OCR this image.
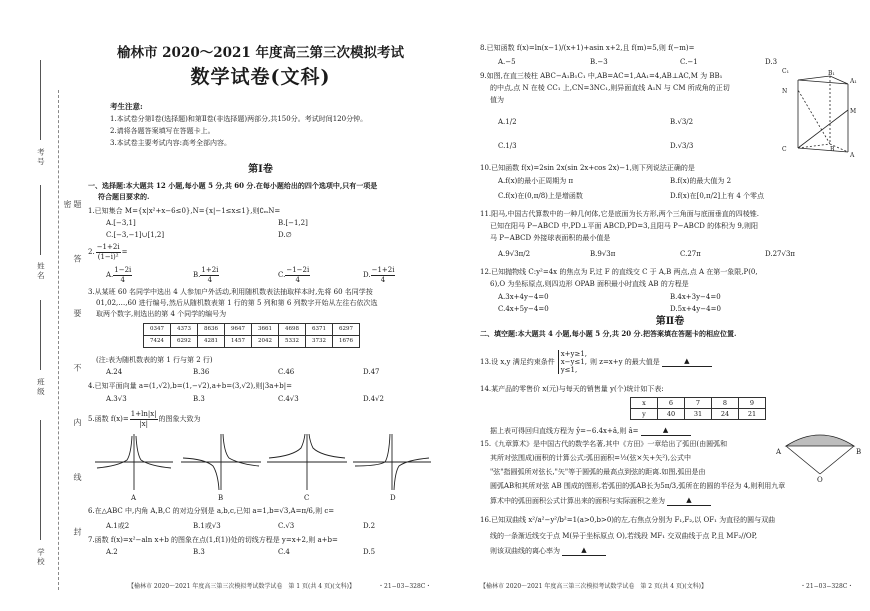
考号
姓名
班级
学校
题 答 要 不 内 线 封 密
榆林市 2020～2021 年度高三第三次模拟考试
数学试卷(文科)
考生注意:
1.本试卷分第Ⅰ卷(选择题)和第Ⅱ卷(非选择题)两部分,共150分。考试时间120分钟。
2.请将各题答案填写在答题卡上。
3.本试卷主要考试内容:高考全部内容。
第Ⅰ卷
一、选择题:本大题共 12 小题,每小题 5 分,共 60 分.在每小题给出的四个选项中,只有一项是
符合题目要求的.
1.已知集合 M={x|x²+x−6≤0},N={x|−1≤x≤1},则∁ₘN=
A.[−3,1]	B.[−1,2]
C.[−3,−1]∪[1,2]	D.∅
2. $\frac{-1+2i}{\text{(1−i)²}}$ =
A. $\frac{1-2i}{4}$	B. $\frac{1+2i}{4}$	C. $\frac{-1-2i}{4}$	D. $\frac{-1+2i}{4}$
3.从某班 60 名同学中选出 4 人参加户外活动,利用随机数表法抽取样本时,先将 60 名同学按
01,02,…,60 进行编号,然后从随机数表第 1 行的第 5 列和第 6 列数字开始从左往右依次选
取两个数字,则选出的第 4 个同学的编号为
0347	4373	8636	9647	3661	4698	6371	6297
7424	6292	4281	1457	2042	5332	3732	1676
(注:表为随机数表的第 1 行与第 2 行)
A.24	B.36	C.46	D.47
4.已知平面向量 a=(1,√2),b=(1,−√2),a+b=(3,√2),则|3a+b|=
A.3√3	B.3	C.4√3	D.4√2
5.函数 $f(x)= \frac{1+\ln|x|}{|x|}$ 的图象大致为
A	B	C	D
6.在△ABC 中,内角 A,B,C 的对边分别是 a,b,c,已知 a=1,b=√3,A=π/6,则 c=
A.1或2	B.1或√3	C.√3	D.2
7.函数 f(x)=x²−aln x+b 的图象在点(1,f(1))处的切线方程是 y=x+2,则 a+b=
A.2	B.3	C.4	D.5
【榆林市 2020～2021 年度高三第三次模拟考试数学试卷　第 1 页(共 4 页)(文科)】	・21−03−328C・
8.已知函数 f(x)=ln(x−1)/(x+1)+asin x+2,且 f(m)=5,则 f(−m)=
A.−5	B.−3	C.−1	D.3
9.如图,在直三棱柱 ABC−A₁B₁C₁ 中,AB=AC=1,AA₁=4,AB⊥AC,M 为 BB₁
的中点,点 N 在棱 CC₁ 上,CN=3NC₁,则异面直线 A₁N 与 CM 所成角的正切
值为
A.1/2	B.√3/2
C.1/3	D.√3/3
C₁	B₁
A₁
N
M
C	B
A
10.已知函数 f(x)=2sin 2x(sin 2x+cos 2x)−1,则下列说法正确的是
A.f(x)的最小正周期为 π	B.f(x)的最大值为 2
C.f(x)在(0,π/8)上是增函数	D.f(x)在[0,π/2]上有 4 个零点
11.阳马,中国古代算数中的一种几何体,它是底面为长方形,两个三角面与底面垂直的四棱锥.
已知在阳马 P−ABCD 中,PD⊥平面 ABCD,PD=3,且阳马 P−ABCD 的体积为 9,则阳
马 P−ABCD 外接球表面积的最小值是
A.9√3π/2	B.9√3π	C.27π	D.27√3π
12.已知抛物线 C:y²=4x 的焦点为 F,过 F 的直线交 C 于 A,B 两点,点 A 在第一象限,P(0,
6),O 为坐标原点,则四边形 OPAB 面积最小时直线 AB 的方程是
A.3x+4y−4=0	B.4x+3y−4=0
C.4x+5y−4=0	D.5x+4y−4=0
第Ⅱ卷
二、填空题:本大题共 4 小题,每小题 5 分,共 20 分.把答案填在答题卡的相应位置.
13.设 x,y 满足约束条件
x+y≥1,
x−y≤1,
y≤1,
则 z=x+y 的最大值是	▲
14.某产品的零售价 x(元)与每天的销售量 y(个)统计如下表:
x	6	7	8	9
y	40	31	24	21
据上表可得回归直线方程为 ŷ=−6.4x+â,则 â=	▲
15.《九章算术》是中国古代的数学名著,其中《方田》一章给出了弧田(由圆弧和
其所对弦围成)面积的计算公式:弧田面积=½(弦×矢+矢²),公式中
"弦"指圆弧所对弦长,"矢"等于圆弧的最高点到弦的距离.如图,弧田是由
圆弧AB和其所对弦 AB 围成的图形,若弧田的弧AB长为5π/3,弧所在的圆的半径为 4,则利用九章
算术中的弧田面积公式计算出来的面积与实际面积之差为	▲
A	B
O
16.已知双曲线 x²/a²−y²/b²=1(a>0,b>0)的左,右焦点分别为 F₁,F₂,以 OF₁ 为直径的圆与双曲
线的一条渐近线交于点 M(异于坐标原点 O),若线段 MF₁ 交双曲线于点 P,且 MF₂//OP,
则该双曲线的离心率为	▲
【榆林市 2020～2021 年度高三第三次模拟考试数学试卷　第 2 页(共 4 页)(文科)】	・21−03−328C・
